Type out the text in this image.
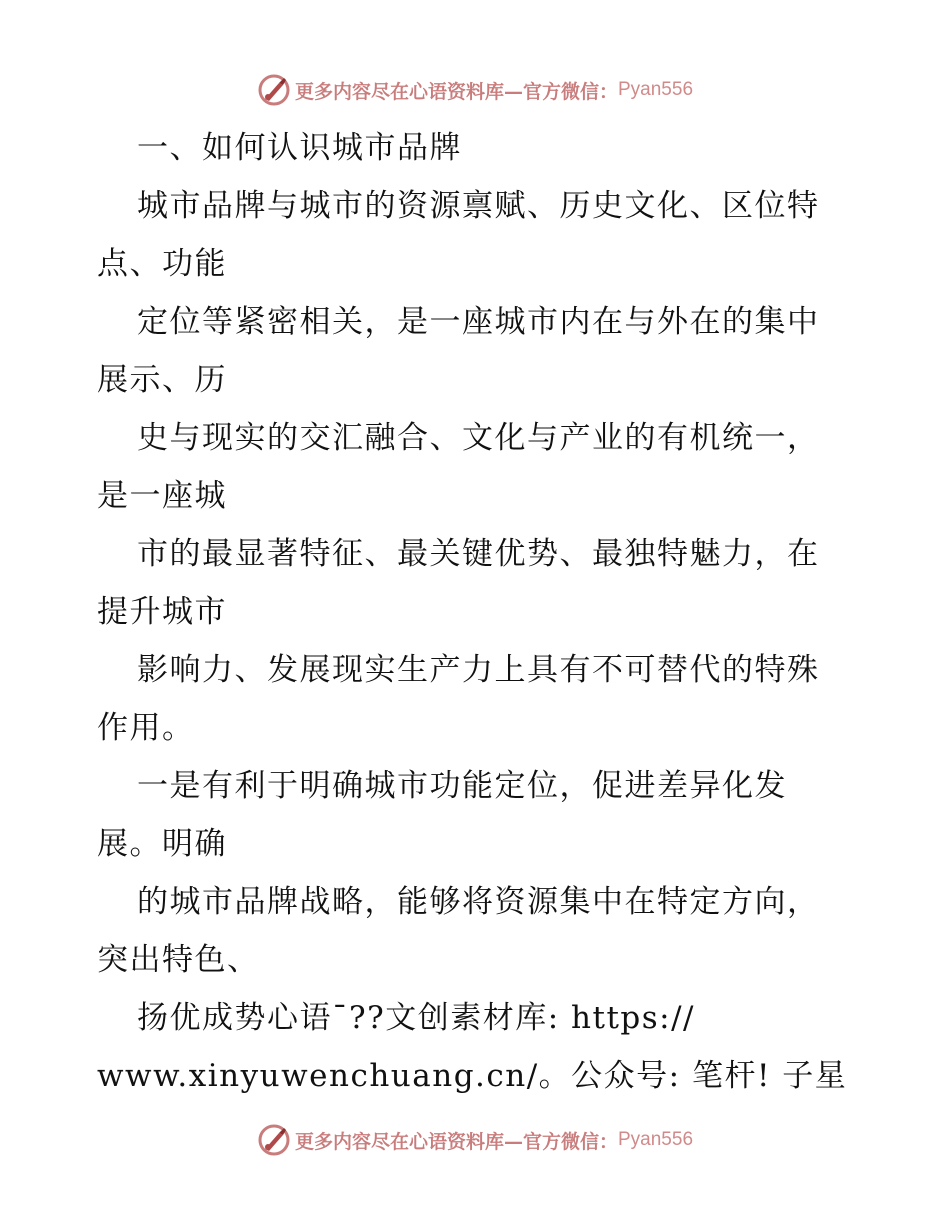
更多内容尽在心语资料库—官方微信： Pyan556
一、如何认识城市品牌
城市品牌与城市的资源禀赋、历史文化、区位特
点、功能
定位等紧密相关，是一座城市内在与外在的集中
展示、历
史与现实的交汇融合、文化与产业的有机统一，
是一座城
市的最显著特征、最关键优势、最独特魅力，在
提升城市
影响力、发展现实生产力上具有不可替代的特殊
作用。
一是有利于明确城市功能定位，促进差异化发
展。明确
的城市品牌战略，能够将资源集中在特定方向，
突出特色、
扬优成势心语¯??文创素材库: https://
www.xinyuwenchuang.cn/。公众号: 笔杆! 子星
更多内容尽在心语资料库—官方微信： Pyan556
